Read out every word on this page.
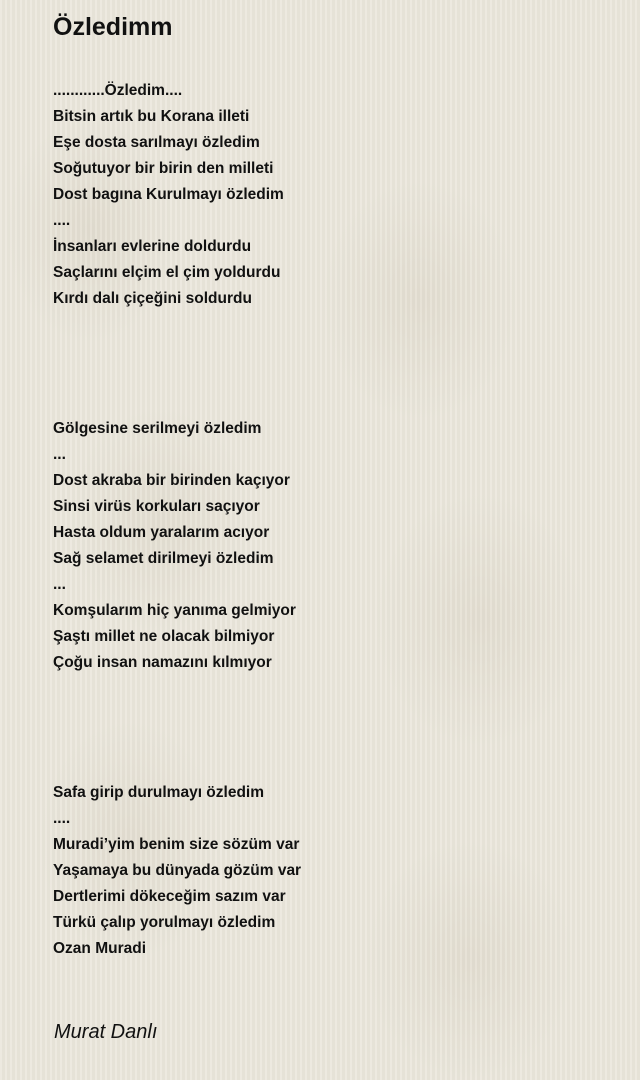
Özledimm
............Özledim....
Bitsin artık bu Korana illeti
Eşe dosta sarılmayı özledim
Soğutuyor bir birin den milleti
Dost bagına Kurulmayı özledim
....
İnsanları evlerine doldurdu
Saçlarını elçim el çim yoldurdu
Kırdı dalı çiçeğini soldurdu
Gölgesine serilmeyi özledim
...
Dost akraba bir birinden kaçıyor
Sinsi virüs korkuları saçıyor
Hasta oldum yaralarım acıyor
Sağ selamet dirilmeyi özledim
...
Komşularım hiç yanıma gelmiyor
Şaştı millet ne olacak bilmiyor
Çoğu insan namazını kılmıyor
Safa girip durulmayı özledim
....
Muradi’yim benim size sözüm var
Yaşamaya bu dünyada gözüm var
Dertlerimi dökeceğim sazım var
Türkü çalıp yorulmayı özledim
Ozan Muradi
Murat Danlı
